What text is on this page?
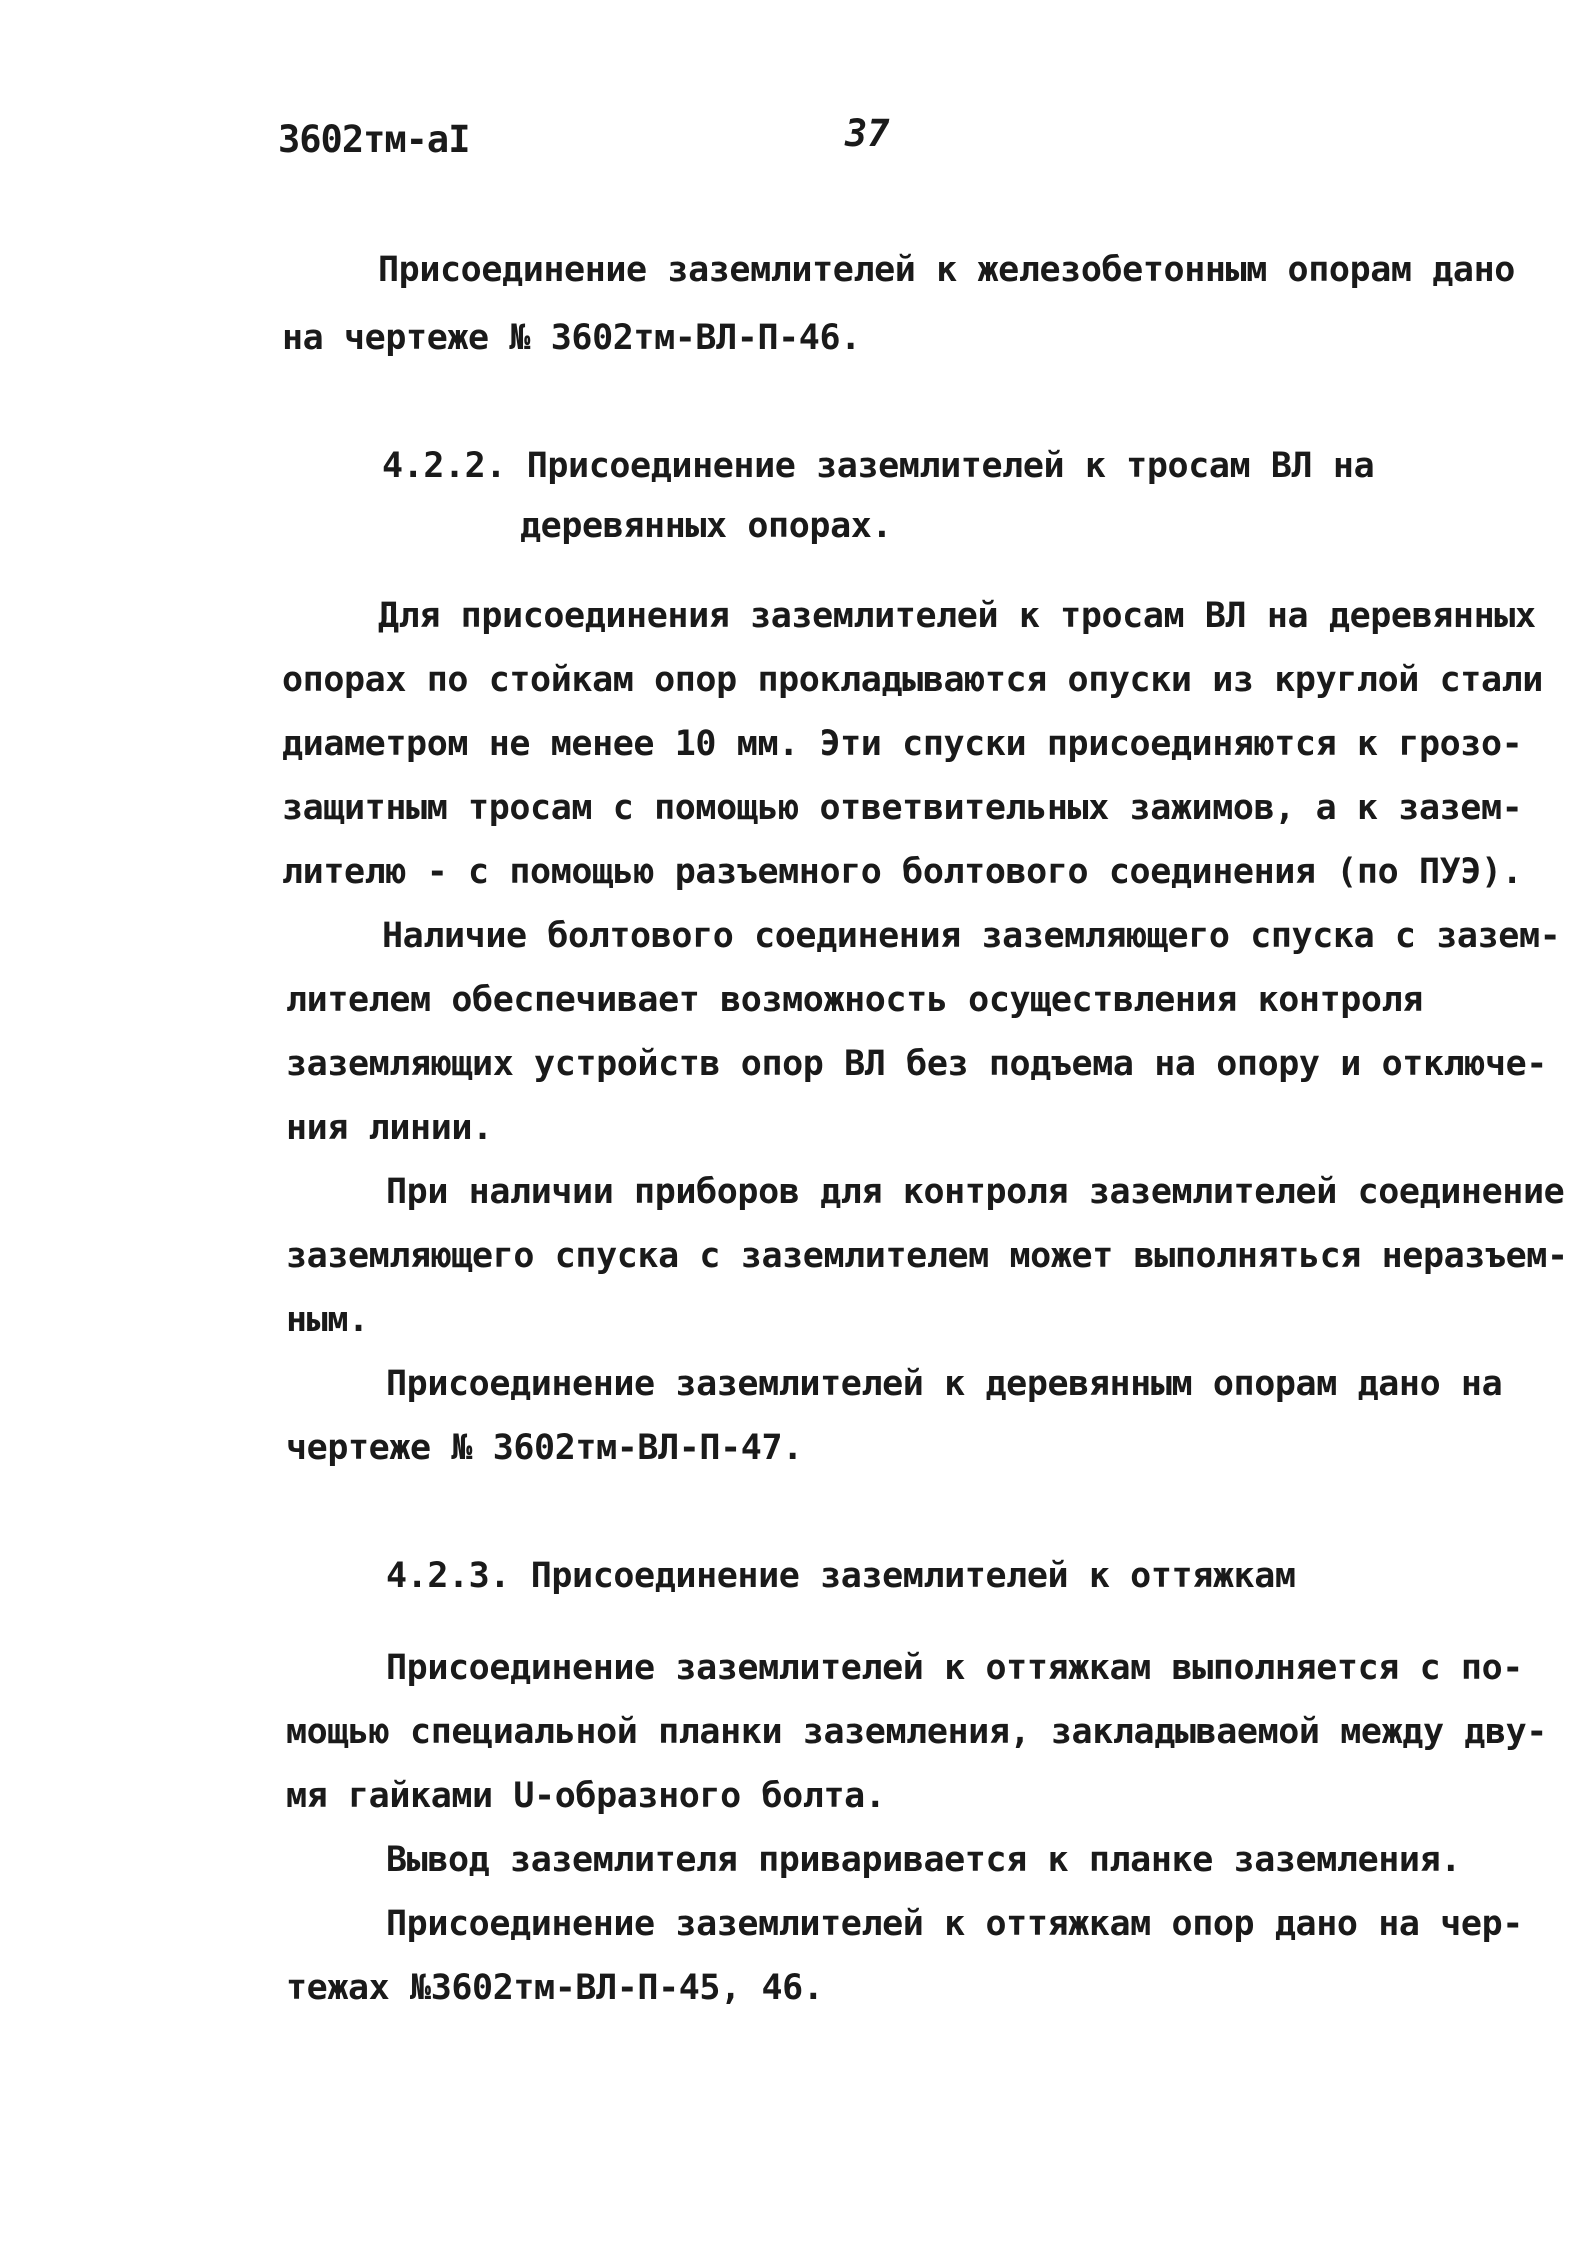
3602тм-аI	37
Присоединение заземлителей к железобетонным опорам дано
на чертеже № 3602тм-ВЛ-П-46.
4.2.2. Присоединение заземлителей к тросам ВЛ на
деревянных опорах.
Для присоединения заземлителей к тросам ВЛ на деревянных
опорах по стойкам опор прокладываются опуски из круглой стали
диаметром не менее 10 мм. Эти спуски присоединяются к грозо-
защитным тросам с помощью ответвительных зажимов, а к зазем-
лителю - с помощью разъемного болтового соединения (по ПУЭ).
Наличие болтового соединения заземляющего спуска с зазем-
лителем обеспечивает возможность осуществления контроля
заземляющих устройств опор ВЛ без подъема на опору и отключе-
ния линии.
При наличии приборов для контроля заземлителей соединение
заземляющего спуска с заземлителем может выполняться неразъем-
ным.
Присоединение заземлителей к деревянным опорам дано на
чертеже № 3602тм-ВЛ-П-47.
4.2.3. Присоединение заземлителей к оттяжкам
Присоединение заземлителей к оттяжкам выполняется с по-
мощью специальной планки заземления, закладываемой между дву-
мя гайками U-образного болта.
Вывод заземлителя приваривается к планке заземления.
Присоединение заземлителей к оттяжкам опор дано на чер-
тежах №3602тм-ВЛ-П-45, 46.
